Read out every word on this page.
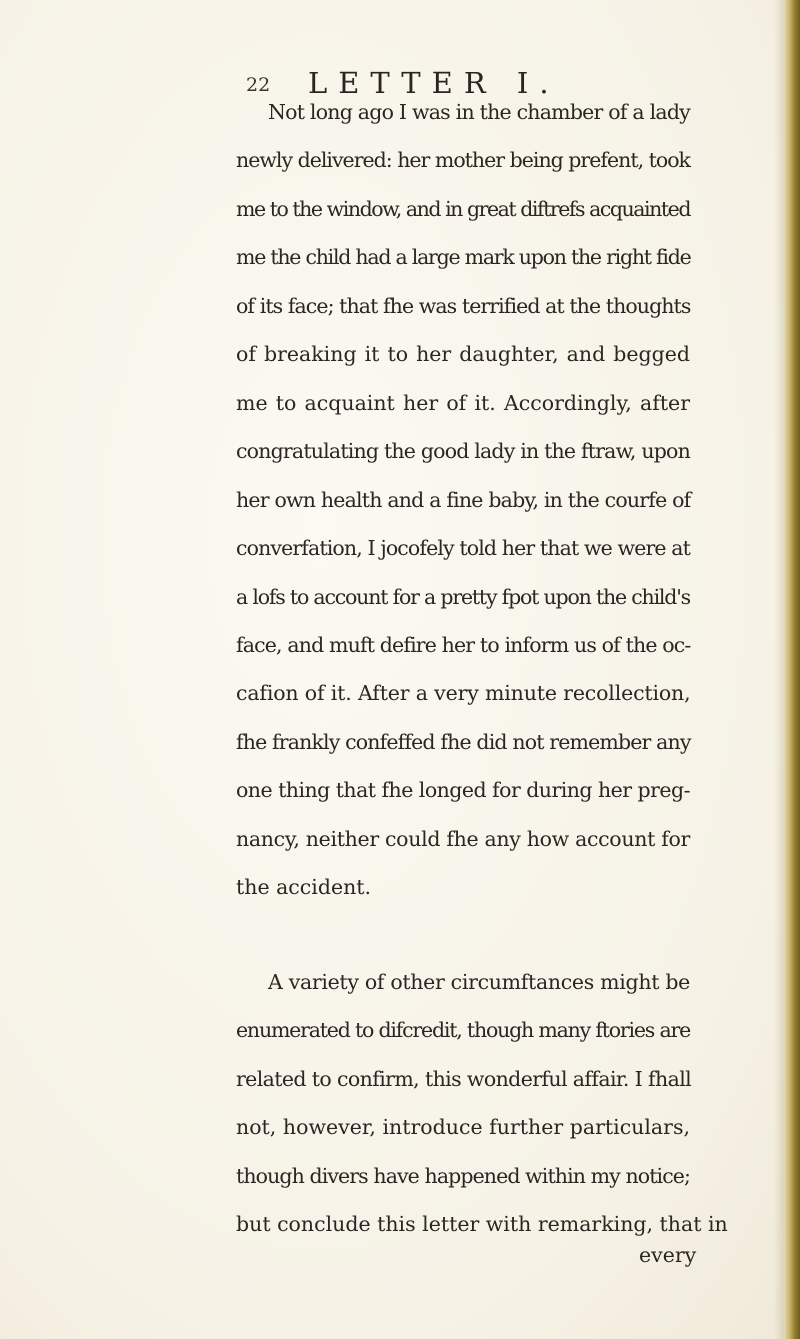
22 LETTER I.
Not long ago I was in the chamber of a lady
newly delivered: her mother being prefent, took
me to the window, and in great diftrefs acquainted
me the child had a large mark upon the right fide
of its face; that fhe was terrified at the thoughts
of breaking it to her daughter, and begged
me to acquaint her of it. Accordingly, after
congratulating the good lady in the ftraw, upon
her own health and a fine baby, in the courfe of
converfation, I jocofely told her that we were at
a lofs to account for a pretty fpot upon the child's
face, and muft defire her to inform us of the oc-
cafion of it. After a very minute recollection,
fhe frankly confeffed fhe did not remember any
one thing that fhe longed for during her preg-
nancy, neither could fhe any how account for
the accident.
A variety of other circumftances might be
enumerated to difcredit, though many ftories are
related to confirm, this wonderful affair. I fhall
not, however, introduce further particulars,
though divers have happened within my notice;
but conclude this letter with remarking, that in
every
